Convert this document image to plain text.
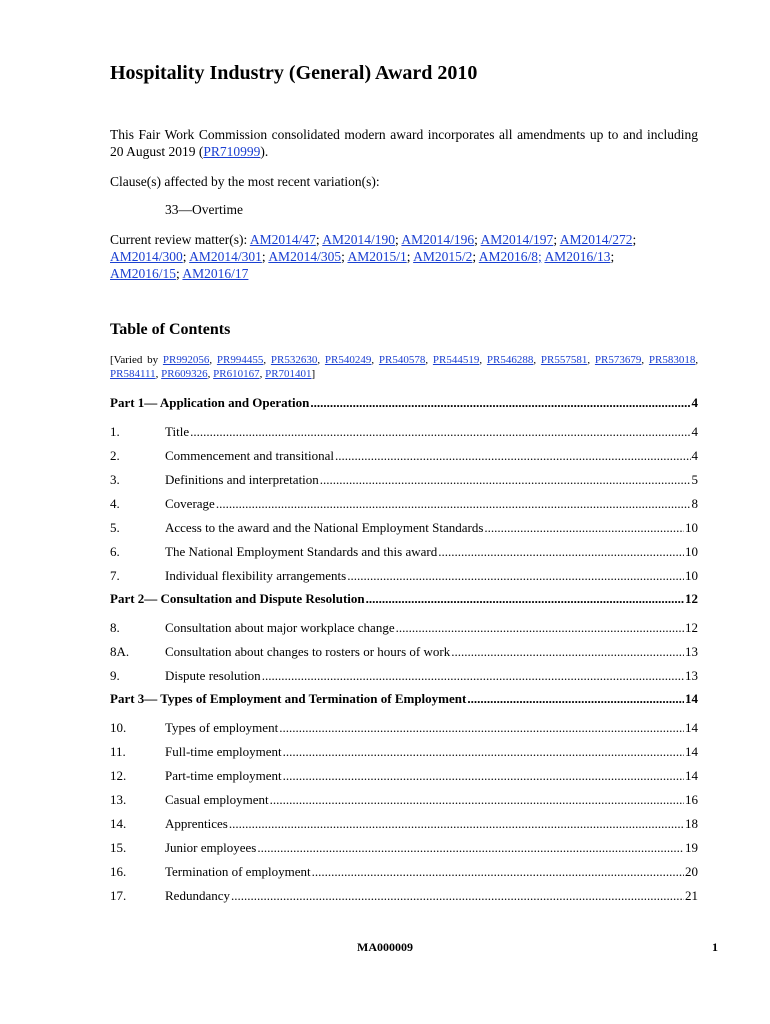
Hospitality Industry (General) Award 2010

This Fair Work Commission consolidated modern award incorporates all amendments up to and including 20 August 2019 (PR710999).

Clause(s) affected by the most recent variation(s):

33—Overtime

Current review matter(s): AM2014/47; AM2014/190; AM2014/196; AM2014/197; AM2014/272; AM2014/300; AM2014/301; AM2014/305; AM2015/1; AM2015/2; AM2016/8; AM2016/13; AM2016/15; AM2016/17

Table of Contents

[Varied by PR992056, PR994455, PR532630, PR540249, PR540578, PR544519, PR546288, PR557581, PR573679, PR583018, PR584111, PR609326, PR610167, PR701401]

Part 1— Application and Operation .....	4
1.	Title .....	4
2.	Commencement and transitional .....	4
3.	Definitions and interpretation .....	5
4.	Coverage .....	8
5.	Access to the award and the National Employment Standards .....	10
6.	The National Employment Standards and this award .....	10
7.	Individual flexibility arrangements .....	10
Part 2— Consultation and Dispute Resolution .....	12
8.	Consultation about major workplace change .....	12
8A.	Consultation about changes to rosters or hours of work .....	13
9.	Dispute resolution .....	13
Part 3— Types of Employment and Termination of Employment .....	14
10.	Types of employment .....	14
11.	Full-time employment .....	14
12.	Part-time employment .....	14
13.	Casual employment .....	16
14.	Apprentices .....	18
15.	Junior employees .....	19
16.	Termination of employment .....	20
17.	Redundancy .....	21

MA000009	1
